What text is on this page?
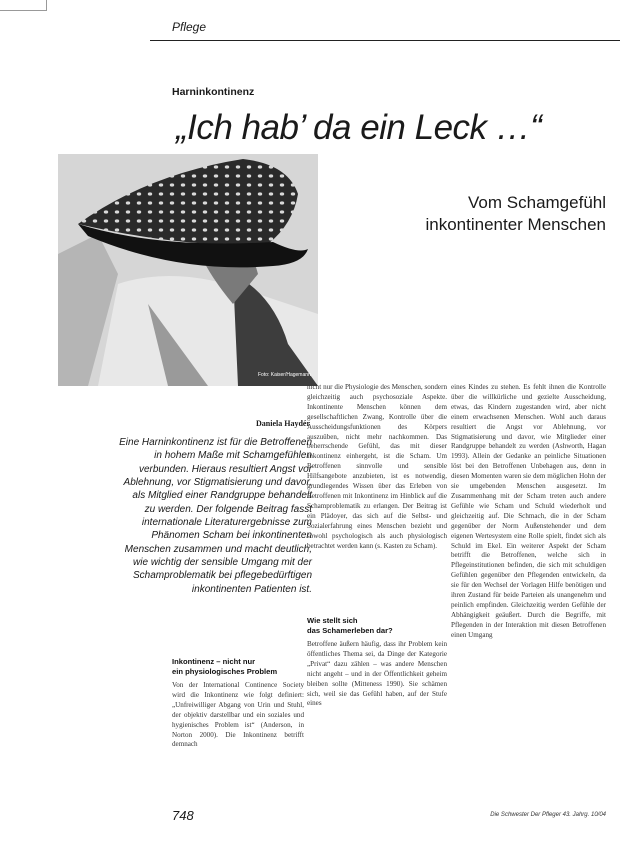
Pflege
Harninkontinenz
„Ich hab’ da ein Leck …“
Vom Schamgefühl
inkontinenter Menschen
Foto: Kaiser/Hagemann
Daniela Haydér
Eine Harninkontinenz ist für die Betroffenen
in hohem Maße mit Schamgefühlen
verbunden. Hieraus resultiert Angst vor
Ablehnung, vor Stigmatisierung und davor,
als Mitglied einer Randgruppe behandelt
zu werden. Der folgende Beitrag fasst
internationale Literaturergebnisse zum
Phänomen Scham bei inkontinenten
Menschen zusammen und macht deutlich,
wie wichtig der sensible Umgang mit der
Schamproblematik bei pflegebedürftigen
inkontinenten Patienten ist.
Inkontinenz – nicht nur
ein physiologisches Problem

Von der International Continence Society wird die Inkontinenz wie folgt definiert: „Unfreiwilliger Abgang von Urin und Stuhl, der objektiv darstellbar und ein soziales und hygienisches Problem ist“ (Anderson, in Norton 2000). Die Inkontinenz betrifft demnach

nicht nur die Physiologie des Menschen, sondern gleichzeitig auch psychosoziale Aspekte. Inkontinente Menschen können dem gesellschaftlichen Zwang, Kontrolle über die Ausscheidungsfunktionen des Körpers auszuüben, nicht mehr nachkommen. Das beherrschende Gefühl, das mit dieser Inkontinenz einhergeht, ist die Scham. Um Betroffenen sinnvolle und sensible Hilfsangebote anzubieten, ist es notwendig, grundlegendes Wissen über das Erleben von Betroffenen mit Inkontinenz im Hinblick auf die Schamproblematik zu erlangen. Der Beitrag ist ein Plädoyer, das sich auf die Selbst- und Sozialerfahrung eines Menschen bezieht und sowohl psychologisch als auch physiologisch betrachtet werden kann (s. Kasten zu Scham).

Wie stellt sich
das Schamerleben dar?

Betroffene äußern häufig, dass ihr Problem kein öffentliches Thema sei, da Dinge der Kategorie „Privat“ dazu zählen – was andere Menschen nicht angeht – und in der Öffentlichkeit geheim bleiben sollte (Mitteness 1990). Sie schämen sich, weil sie das Gefühl haben, auf der Stufe eines

eines Kindes zu stehen. Es fehlt ihnen die Kontrolle über die willkürliche und gezielte Ausscheidung, etwas, das Kindern zugestanden wird, aber nicht einem erwachsenen Menschen. Wohl auch daraus resultiert die Angst vor Ablehnung, vor Stigmatisierung und davor, wie Mitglieder einer Randgruppe behandelt zu werden (Ashworth, Hagan 1993). Allein der Gedanke an peinliche Situationen löst bei den Betroffenen Unbehagen aus, denn in diesen Momenten waren sie dem möglichen Hohn der sie umgebenden Menschen ausgesetzt. Im Zusammenhang mit der Scham treten auch andere Gefühle wie Scham und Schuld wiederholt und gleichzeitig auf. Die Schmach, die in der Scham gegenüber der Norm Außenstehender und dem eigenen Wertesystem eine Rolle spielt, findet sich als Schuld im Ekel. Ein weiterer Aspekt der Scham betrifft die Betroffenen, welche sich in Pflegeinstitutionen befinden, die sich mit schuldigen Gefühlen gegenüber den Pflegenden entwickeln, da sie für den Wechsel der Vorlagen Hilfe benötigen und ihren Zustand für beide Parteien als unangenehm und peinlich empfinden. Gleichzeitig werden Gefühle der Abhängigkeit geäußert. Durch die Begriffe, mit Pflegenden in der Interaktion mit diesen Betroffenen einen Umgang

748	Die Schwester Der Pfleger 43. Jahrg. 10/04
